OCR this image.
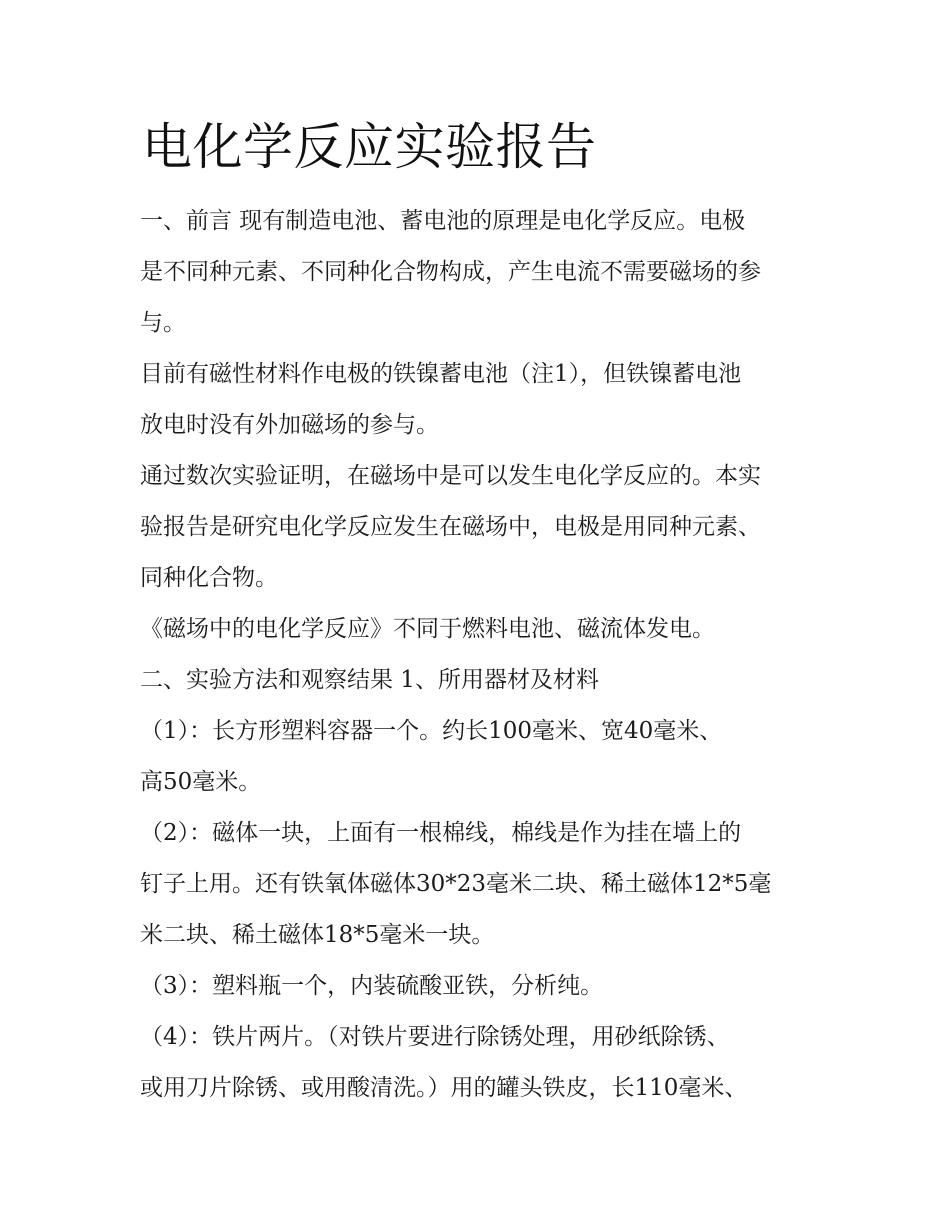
电化学反应实验报告
一、前言 现有制造电池、蓄电池的原理是电化学反应。电极
是不同种元素、不同种化合物构成，产生电流不需要磁场的参
与。
目前有磁性材料作电极的铁镍蓄电池（注1），但铁镍蓄电池
放电时没有外加磁场的参与。
通过数次实验证明，在磁场中是可以发生电化学反应的。本实
验报告是研究电化学反应发生在磁场中，电极是用同种元素、
同种化合物。
《磁场中的电化学反应》不同于燃料电池、磁流体发电。
二、实验方法和观察结果 1、所用器材及材料
（1）：长方形塑料容器一个。约长100毫米、宽40毫米、
高50毫米。
（2）：磁体一块，上面有一根棉线，棉线是作为挂在墙上的
钉子上用。还有铁氧体磁体30*23毫米二块、稀土磁体12*5毫
米二块、稀土磁体18*5毫米一块。
（3）：塑料瓶一个，内装硫酸亚铁，分析纯。
（4）：铁片两片。（对铁片要进行除锈处理，用砂纸除锈、
或用刀片除锈、或用酸清洗。）用的罐头铁皮，长110毫米、
